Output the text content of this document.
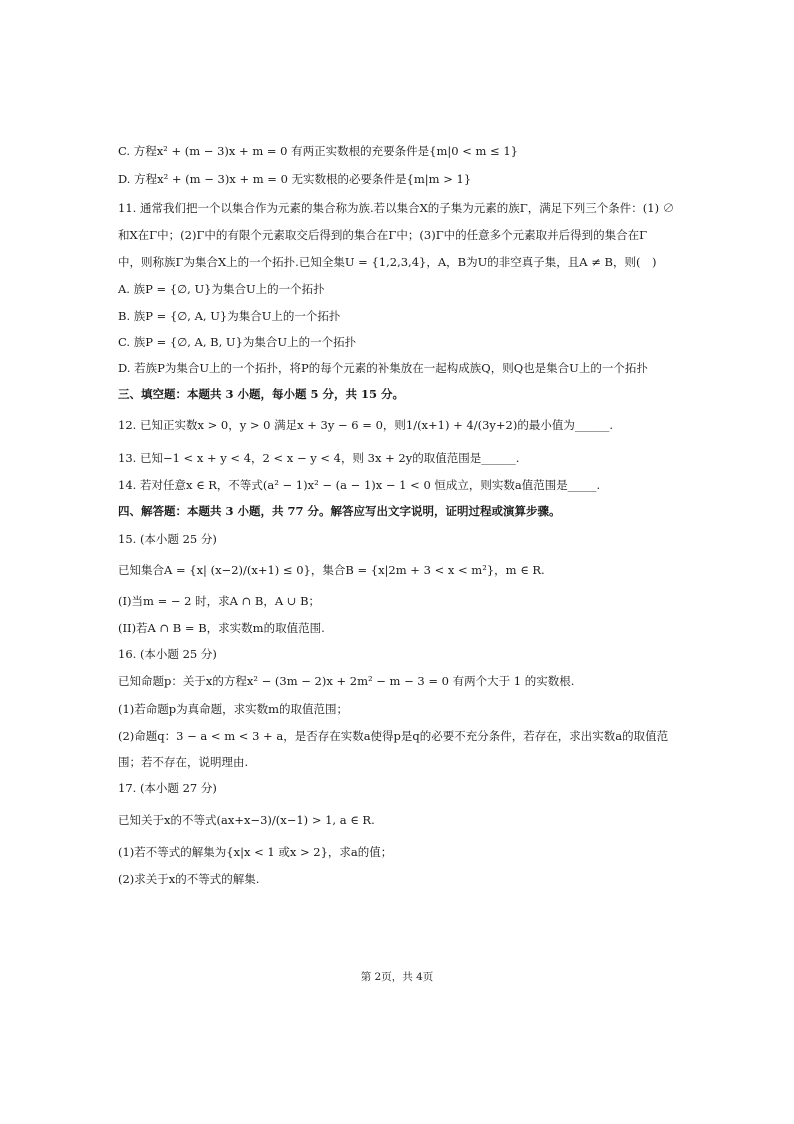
C. 方程x² + (m − 3)x + m = 0 有两正实数根的充要条件是{m|0 < m ≤ 1}
D. 方程x² + (m − 3)x + m = 0 无实数根的必要条件是{m|m > 1}
11. 通常我们把一个以集合作为元素的集合称为族.若以集合X的子集为元素的族Γ，满足下列三个条件：(1) ∅
和X在Γ中；(2)Γ中的有限个元素取交后得到的集合在Γ中；(3)Γ中的任意多个元素取并后得到的集合在Γ
中，则称族Γ为集合X上的一个拓扑.已知全集U = {1,2,3,4}，A，B为U的非空真子集，且A ≠ B，则(　)
A. 族P = {∅, U}为集合U上的一个拓扑
B. 族P = {∅, A, U}为集合U上的一个拓扑
C. 族P = {∅, A, B, U}为集合U上的一个拓扑
D. 若族P为集合U上的一个拓扑，将P的每个元素的补集放在一起构成族Q，则Q也是集合U上的一个拓扑
三、填空题：本题共 3 小题，每小题 5 分，共 15 分。
12. 已知正实数x > 0，y > 0 满足x + 3y − 6 = 0，则1/(x+1) + 4/(3y+2)的最小值为______.
13. 已知−1 < x + y < 4，2 < x − y < 4，则 3x + 2y的取值范围是______.
14. 若对任意x ∈ R，不等式(a² − 1)x² − (a − 1)x − 1 < 0 恒成立，则实数a值范围是_____.
四、解答题：本题共 3 小题，共 77 分。解答应写出文字说明，证明过程或演算步骤。
15. (本小题 25 分)
已知集合A = {x| (x−2)/(x+1) ≤ 0}，集合B = {x|2m + 3 < x < m²}，m ∈ R.
(I)当m = − 2 时，求A ∩ B，A ∪ B；
(II)若A ∩ B = B，求实数m的取值范围.
16. (本小题 25 分)
已知命题p：关于x的方程x² − (3m − 2)x + 2m² − m − 3 = 0 有两个大于 1 的实数根.
(1)若命题p为真命题，求实数m的取值范围；
(2)命题q：3 − a < m < 3 + a，是否存在实数a使得p是q的必要不充分条件，若存在，求出实数a的取值范
围；若不存在，说明理由.
17. (本小题 27 分)
已知关于x的不等式(ax+x−3)/(x−1) > 1, a ∈ R.
(1)若不等式的解集为{x|x < 1 或x > 2}，求a的值；
(2)求关于x的不等式的解集.
第 2页，共 4页
